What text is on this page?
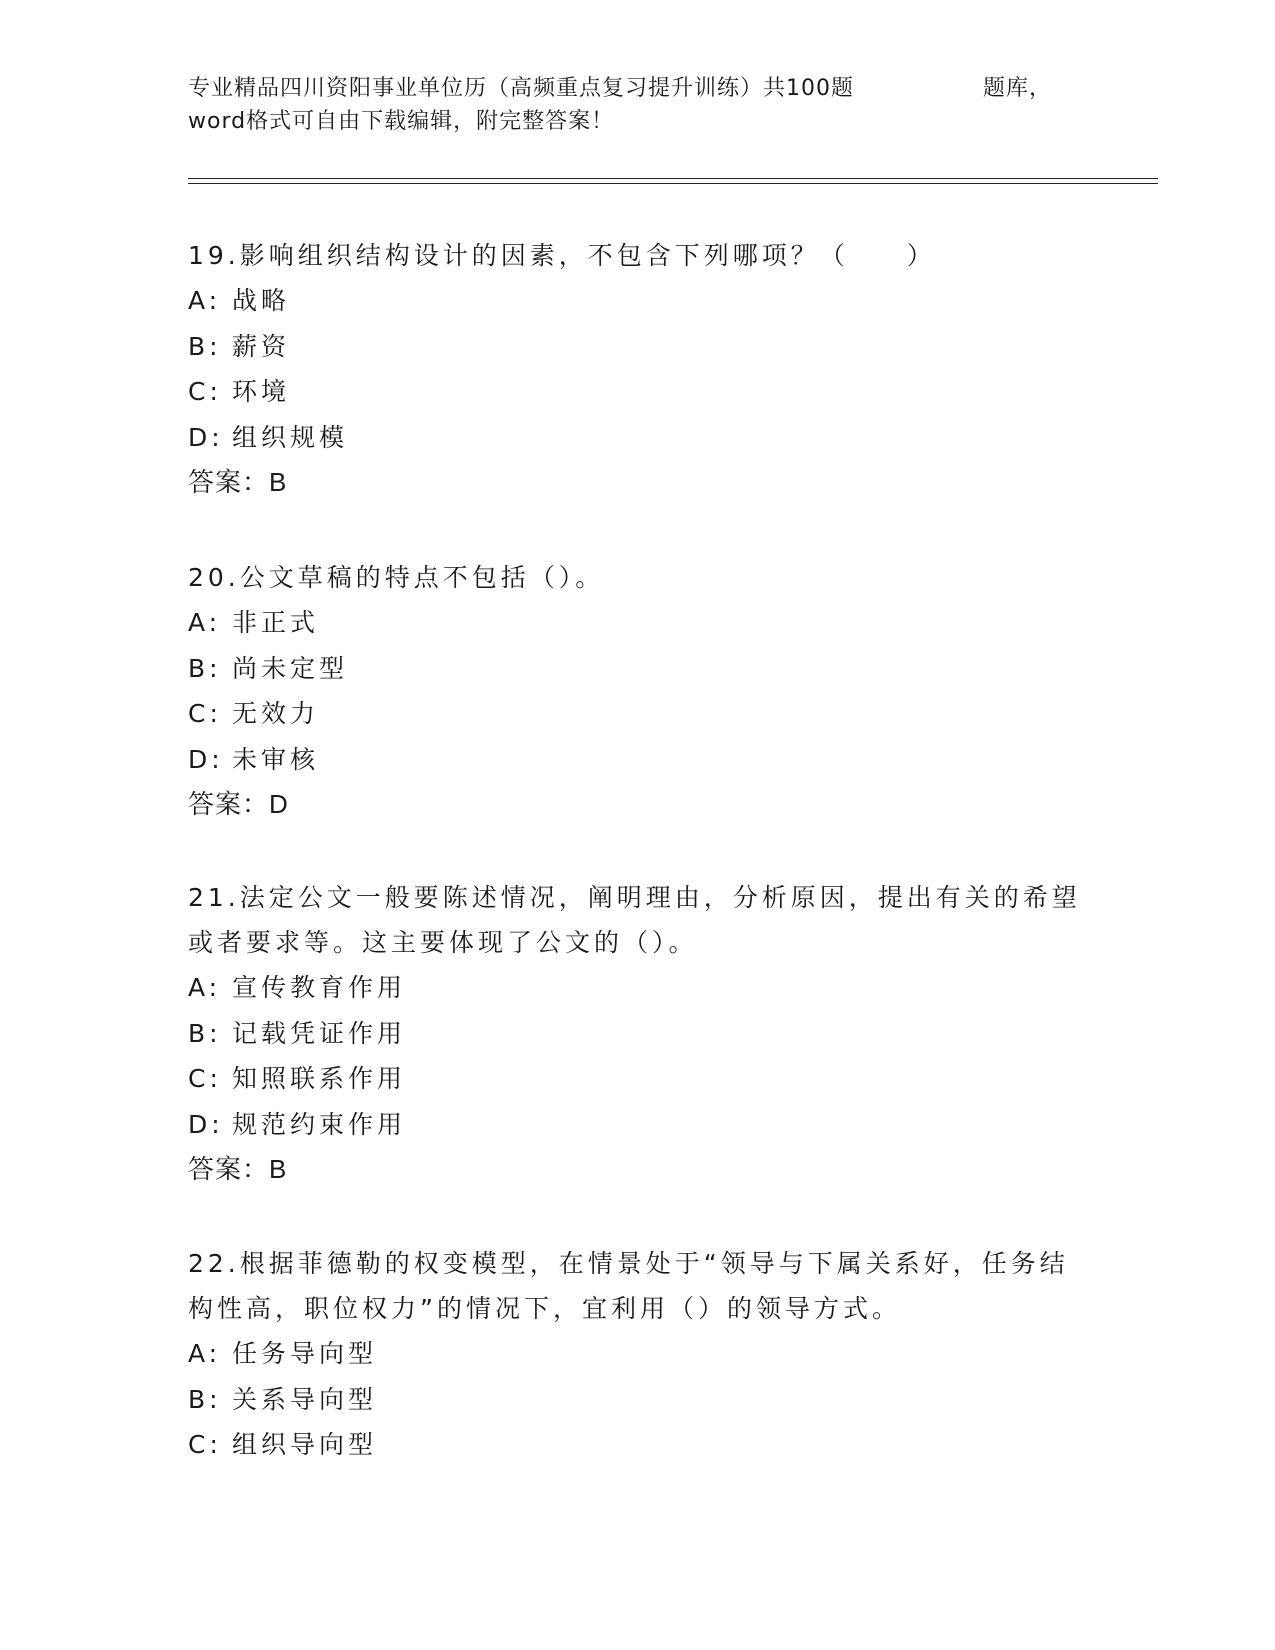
专业精品四川资阳事业单位历（高频重点复习提升训练）共100题	题库，
word格式可自由下载编辑，附完整答案！
19.影响组织结构设计的因素，不包含下列哪项？（　　）
A: 战略
B: 薪资
C: 环境
D: 组织规模
答案：B
20.公文草稿的特点不包括（）。
A: 非正式
B: 尚未定型
C: 无效力
D: 未审核
答案：D
21.法定公文一般要陈述情况，阐明理由，分析原因，提出有关的希望或者要求等。这主要体现了公文的（）。
A: 宣传教育作用
B: 记载凭证作用
C: 知照联系作用
D: 规范约束作用
答案：B
22.根据菲德勒的权变模型，在情景处于“领导与下属关系好，任务结构性高，职位权力”的情况下，宜利用（）的领导方式。
A: 任务导向型
B: 关系导向型
C: 组织导向型
